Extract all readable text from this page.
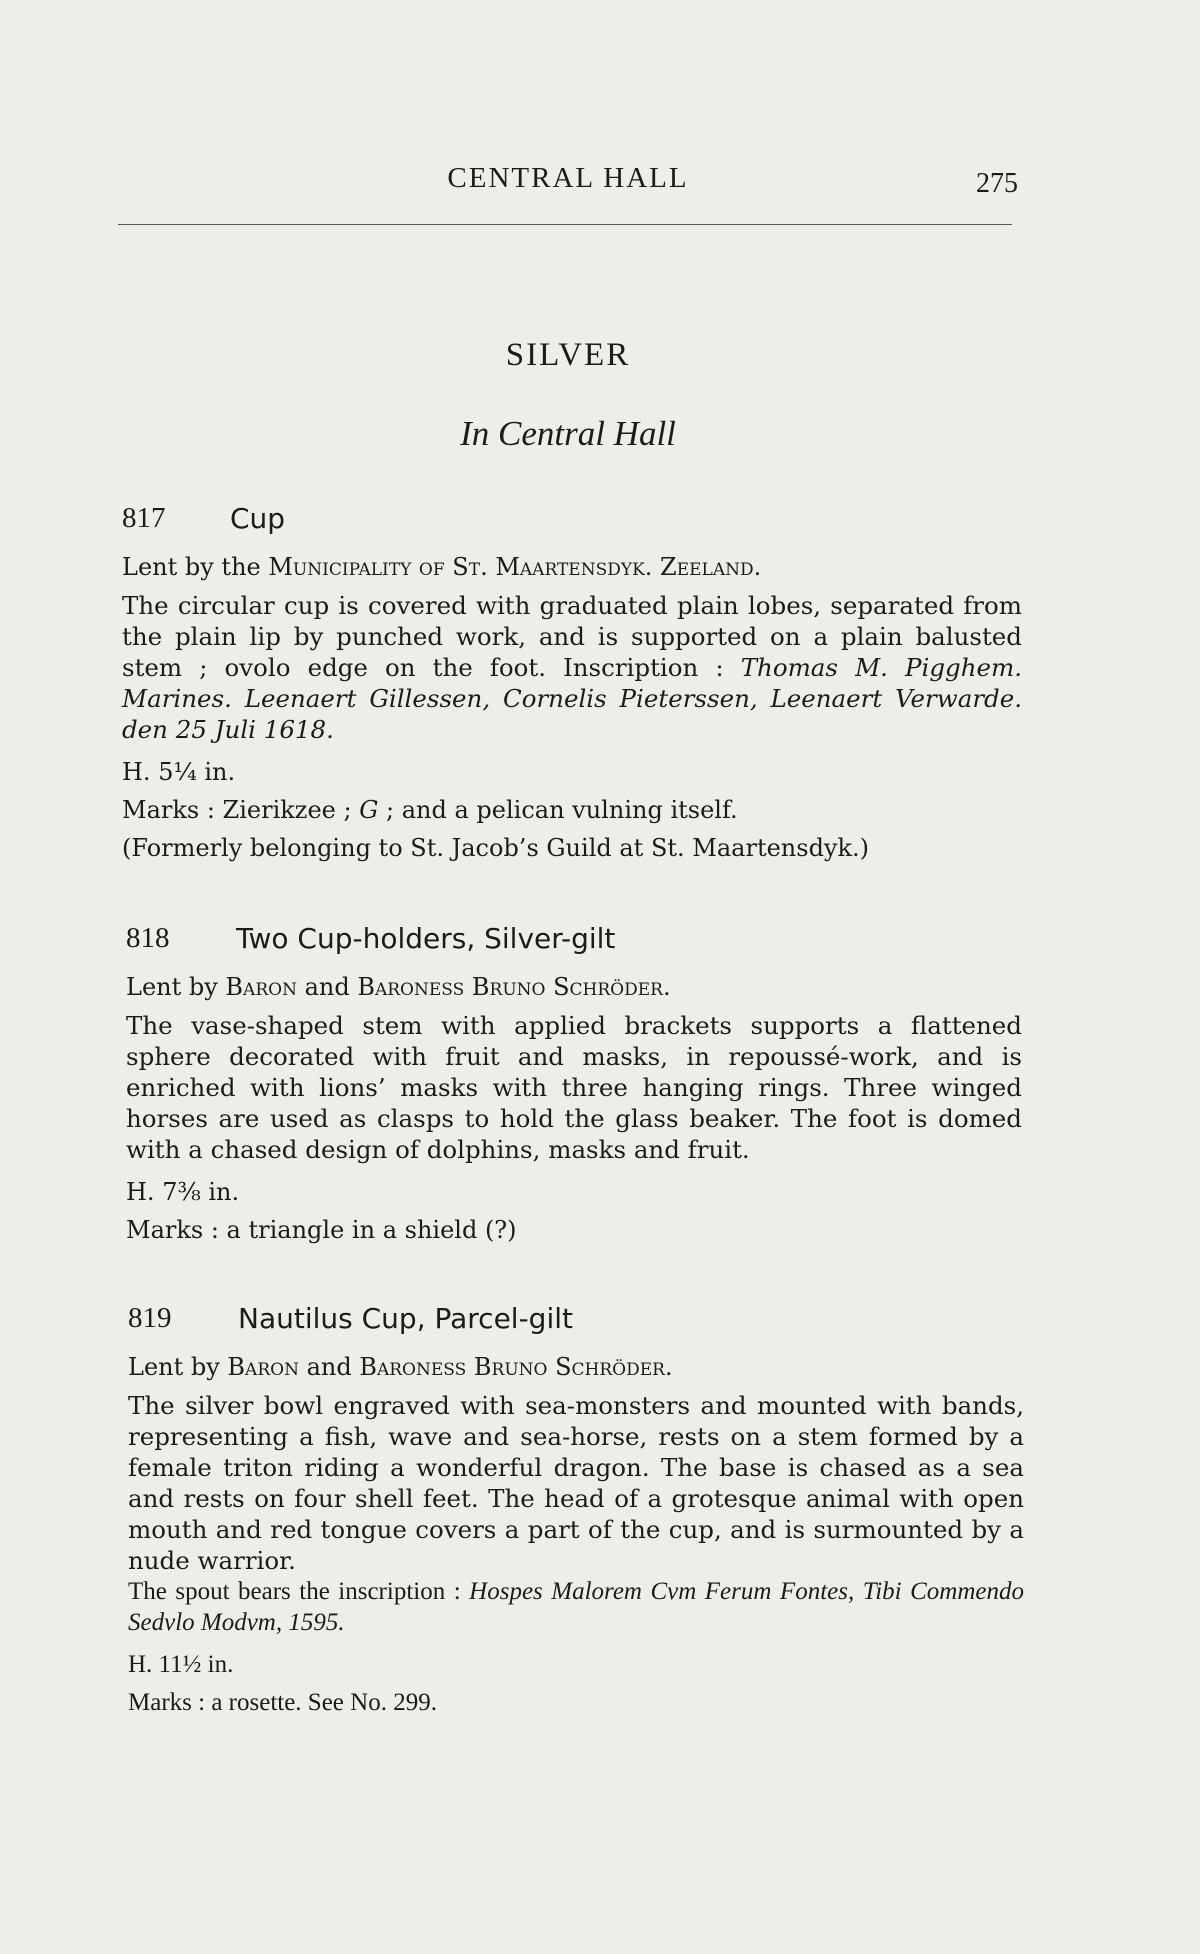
CENTRAL HALL	275
SILVER
In Central Hall
817 Cup
Lent by the Municipality of St. Maartensdyk. Zeeland.
The circular cup is covered with graduated plain lobes, separated from the plain lip by punched work, and is supported on a plain balusted stem ; ovolo edge on the foot. Inscription : Thomas M. Pigghem. Marines. Leenaert Gillessen, Cornelis Pieterssen, Leenaert Verwarde. den 25 Juli 1618.
H. 5¼ in.
Marks : Zierikzee ; G ; and a pelican vulning itself.
(Formerly belonging to St. Jacob’s Guild at St. Maartensdyk.)
818 Two Cup-holders, Silver-gilt
Lent by Baron and Baroness Bruno Schröder.
The vase-shaped stem with applied brackets supports a flattened sphere decorated with fruit and masks, in repoussé-work, and is enriched with lions’ masks with three hanging rings. Three winged horses are used as clasps to hold the glass beaker. The foot is domed with a chased design of dolphins, masks and fruit.
H. 7⅜ in.
Marks : a triangle in a shield (?)
819 Nautilus Cup, Parcel-gilt
Lent by Baron and Baroness Bruno Schröder.
The silver bowl engraved with sea-monsters and mounted with bands, representing a fish, wave and sea-horse, rests on a stem formed by a female triton riding a wonderful dragon. The base is chased as a sea and rests on four shell feet. The head of a grotesque animal with open mouth and red tongue covers a part of the cup, and is surmounted by a nude warrior.
The spout bears the inscription : Hospes Malorem Cvm Ferum Fontes, Tibi Commendo Sedvlo Modvm, 1595.
H. 11½ in.
Marks : a rosette. See No. 299.
